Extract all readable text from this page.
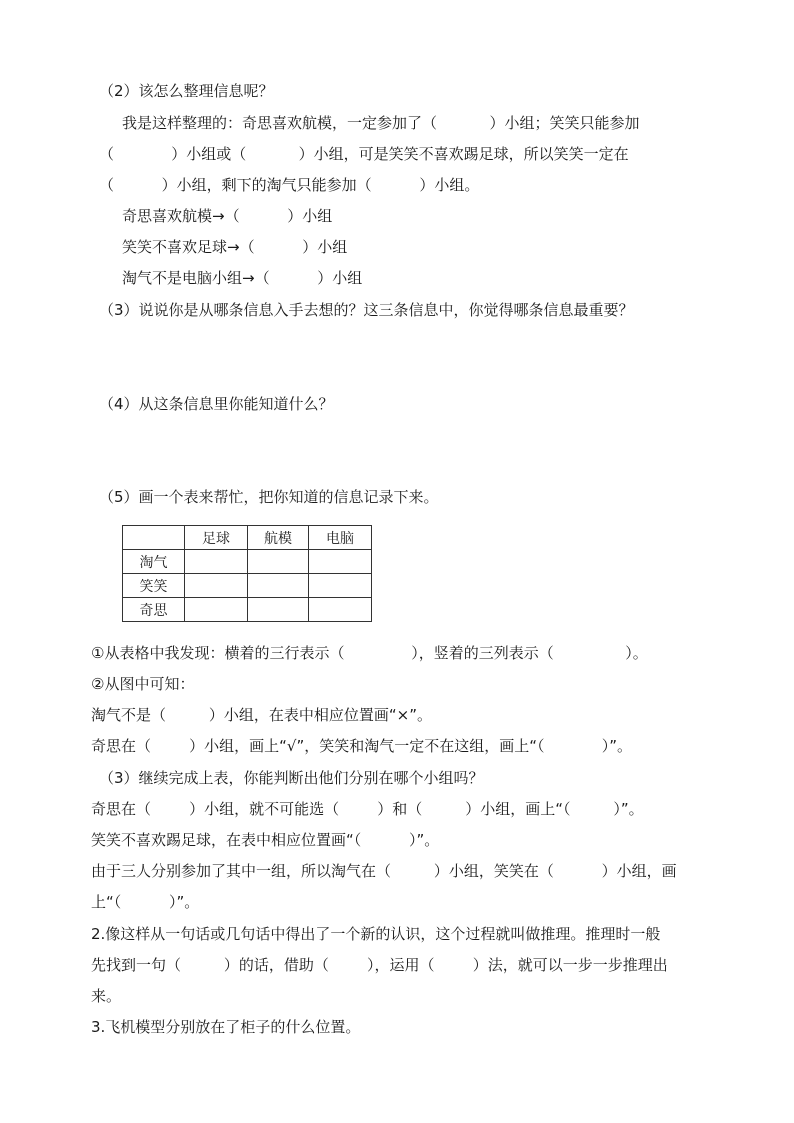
（2）该怎么整理信息呢？
我是这样整理的：奇思喜欢航模，一定参加了（           ）小组；笑笑只能参加
（            ）小组或（           ）小组，可是笑笑不喜欢踢足球，所以笑笑一定在
（          ）小组，剩下的淘气只能参加（          ）小组。
奇思喜欢航模→（          ）小组
笑笑不喜欢足球→（          ）小组
淘气不是电脑小组→（          ）小组
（3）说说你是从哪条信息入手去想的？这三条信息中，你觉得哪条信息最重要？
（4）从这条信息里你能知道什么？
（5）画一个表来帮忙，把你知道的信息记录下来。
	足球	航模	电脑
淘气			
笑笑			
奇思			
①从表格中我发现：横着的三行表示（              ），竖着的三列表示（               ）。
②从图中可知：
淘气不是（         ）小组，在表中相应位置画“×”。
奇思在（        ）小组，画上“√”，笑笑和淘气一定不在这组，画上“（            ）”。
（3）继续完成上表，你能判断出他们分别在哪个小组吗？
奇思在（        ）小组，就不可能选（        ）和（         ）小组，画上“（         ）”。
笑笑不喜欢踢足球，在表中相应位置画“（          ）”。
由于三人分别参加了其中一组，所以淘气在（         ）小组，笑笑在（          ）小组，画
上“（          ）”。
2.像这样从一句话或几句话中得出了一个新的认识，这个过程就叫做推理。推理时一般
先找到一句（         ）的话，借助（        ），运用（        ）法，就可以一步一步推理出
来。
3.飞机模型分别放在了柜子的什么位置。
